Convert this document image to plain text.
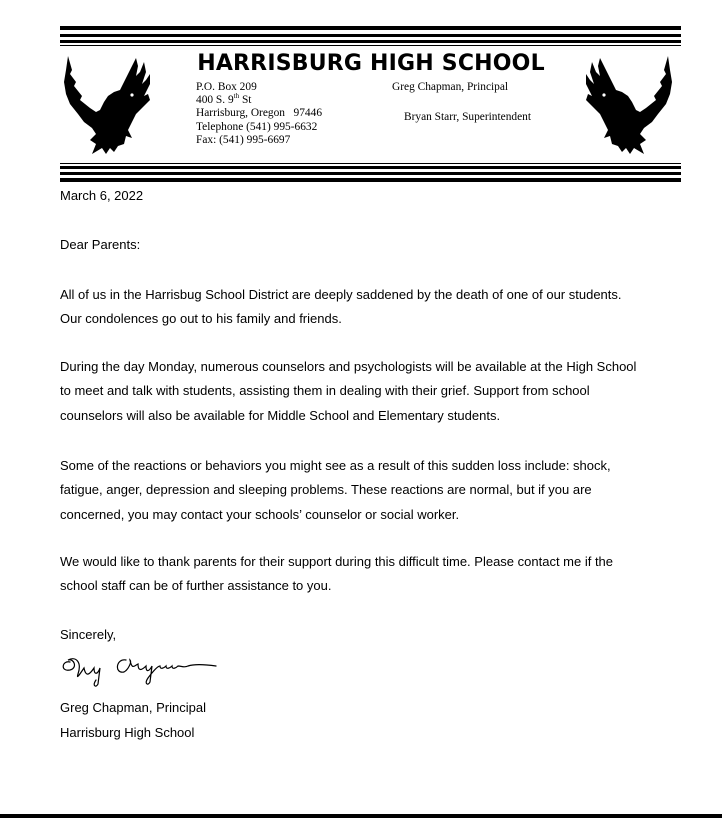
HARRISBURG HIGH SCHOOL
P.O. Box 209
400 S. 9th St
Harrisburg, Oregon   97446
Telephone (541) 995-6632
Fax: (541) 995-6697
Greg Chapman, Principal
Bryan Starr, Superintendent
March 6, 2022
Dear Parents:
All of us in the Harrisbug School District are deeply saddened by the death of one of our students.
Our condolences go out to his family and friends.
During the day Monday, numerous counselors and psychologists will be available at the High School
to meet and talk with students, assisting them in dealing with their grief. Support from school
counselors will also be available for Middle School and Elementary students.
Some of the reactions or behaviors you might see as a result of this sudden loss include: shock,
fatigue, anger, depression and sleeping problems. These reactions are normal, but if you are
concerned, you may contact your schools’ counselor or social worker.
We would like to thank parents for their support during this difficult time. Please contact me if the
school staff can be of further assistance to you.
Sincerely,
Greg Chapman, Principal
Harrisburg High School
